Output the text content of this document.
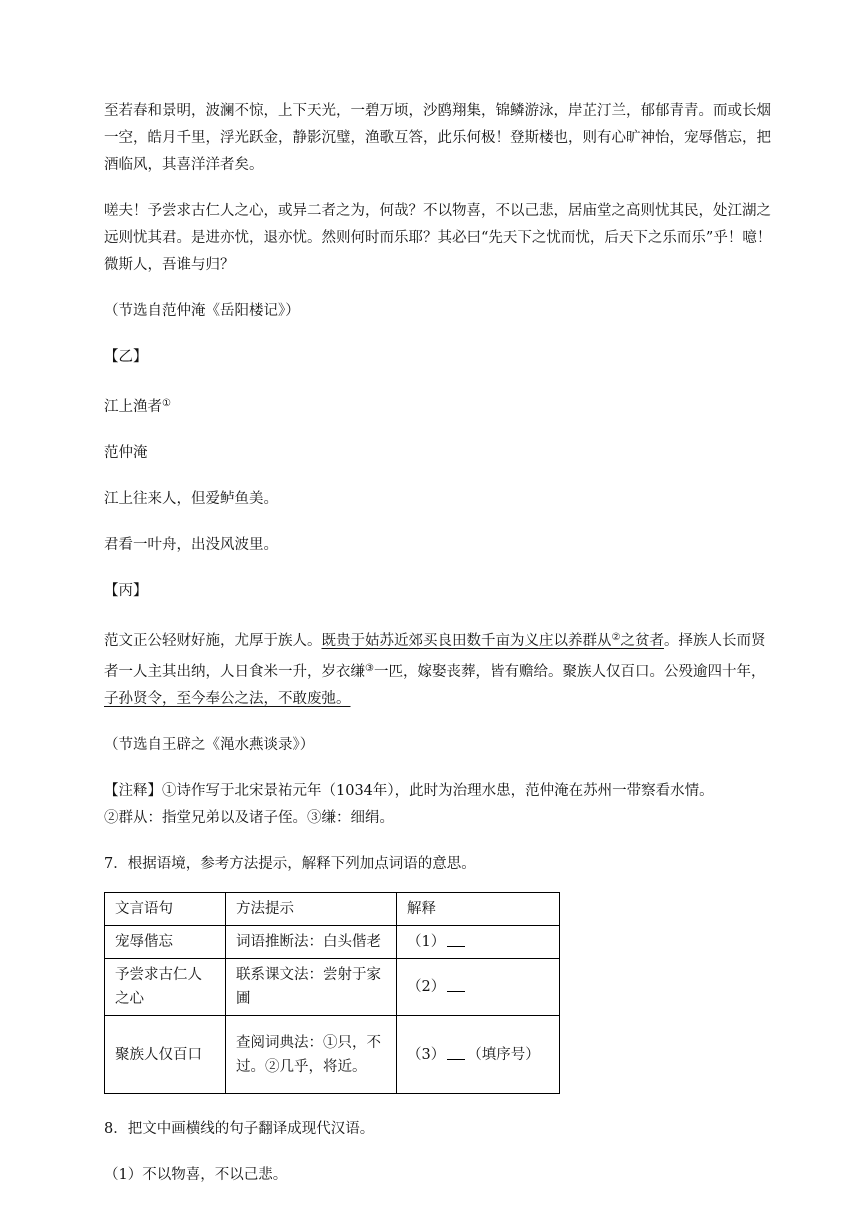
至若春和景明，波澜不惊，上下天光，一碧万顷，沙鸥翔集，锦鳞游泳，岸芷汀兰，郁郁青青。而或长烟一空，皓月千里，浮光跃金，静影沉璧，渔歌互答，此乐何极！登斯楼也，则有心旷神怡，宠辱偕忘，把酒临风，其喜洋洋者矣。

嗟夫！予尝求古仁人之心，或异二者之为，何哉？不以物喜，不以己悲，居庙堂之高则忧其民，处江湖之远则忧其君。是进亦忧，退亦忧。然则何时而乐耶？其必曰“先天下之忧而忧，后天下之乐而乐”乎！噫！微斯人，吾谁与归？

（节选自范仲淹《岳阳楼记》）

【乙】

江上渔者①

范仲淹

江上往来人，但爱鲈鱼美。

君看一叶舟，出没风波里。

【丙】

范文正公轻财好施，尤厚于族人。既贵于姑苏近郊买良田数千亩为义庄以养群从②之贫者。择族人长而贤者一人主其出纳，人日食米一升，岁衣缣③一匹，嫁娶丧葬，皆有赡给。聚族人仅百口。公殁逾四十年，子孙贤令，至今奉公之法，不敢废弛。

（节选自王辟之《渑水燕谈录》）

【注释】①诗作写于北宋景祐元年（1034年），此时为治理水患，范仲淹在苏州一带察看水情。

②群从：指堂兄弟以及诸子侄。③缣：细绢。

7．根据语境，参考方法提示，解释下列加点词语的意思。

文言语句	方法提示	解释
宠辱偕忘	词语推断法：白头偕老	（1）
予尝求古仁人之心	联系课文法：尝射于家圃	（2）
聚族人仅百口	查阅词典法：①只，不过。②几乎，将近。	（3） （填序号）

8．把文中画横线的句子翻译成现代汉语。

（1）不以物喜，不以己悲。
